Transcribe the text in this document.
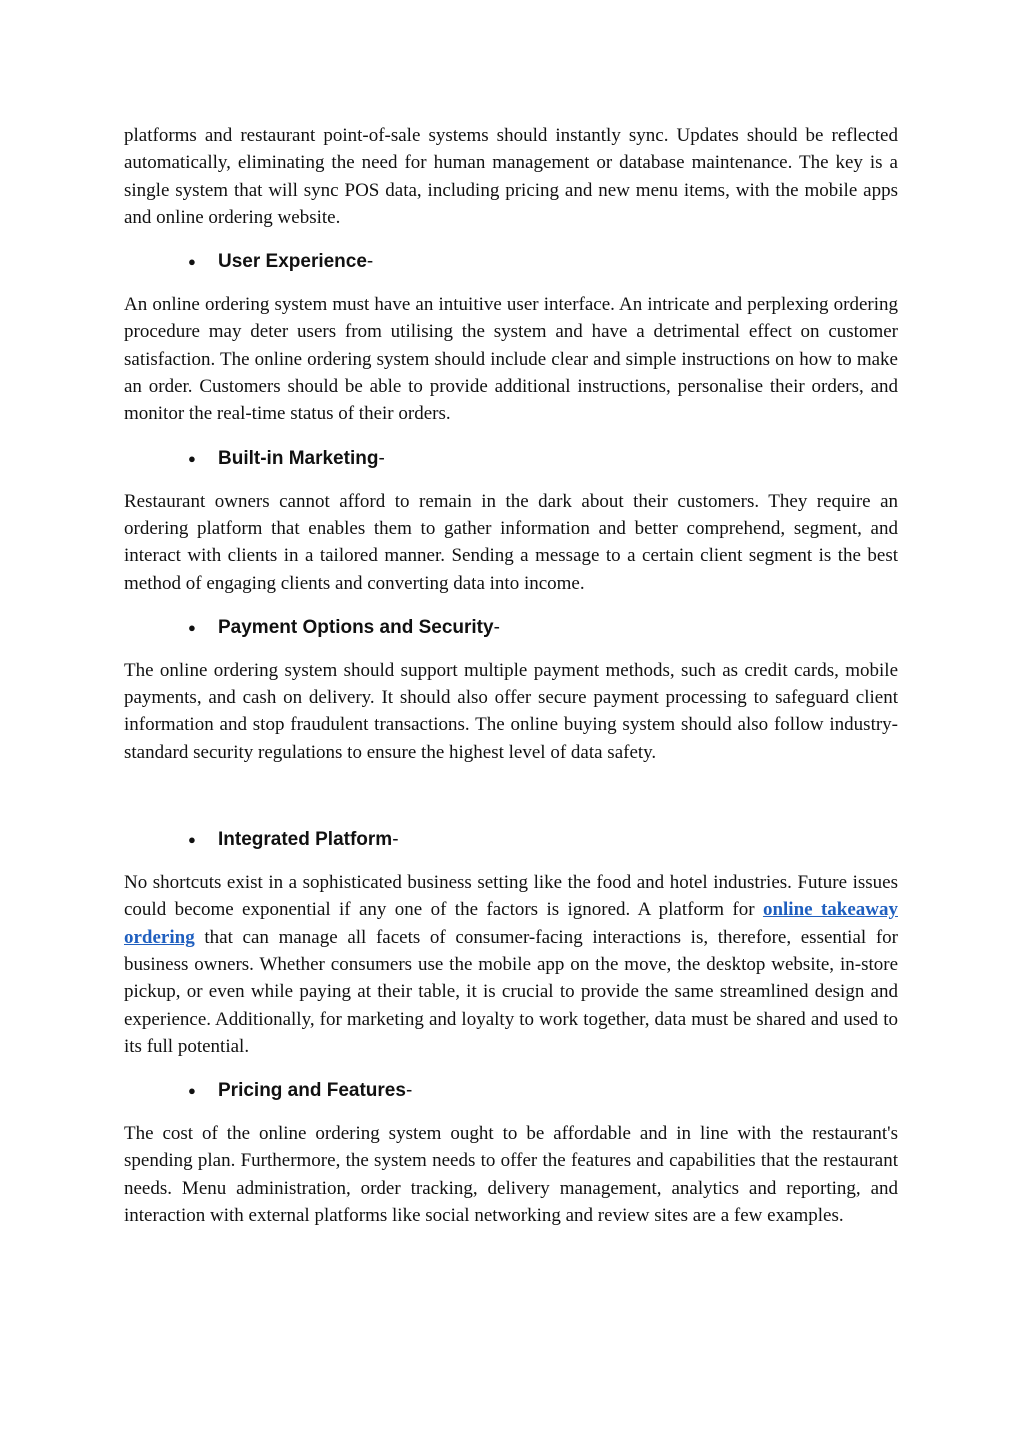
platforms and restaurant point-of-sale systems should instantly sync. Updates should be reflected automatically, eliminating the need for human management or database maintenance. The key is a single system that will sync POS data, including pricing and new menu items, with the mobile apps and online ordering website.

●	User Experience -

An online ordering system must have an intuitive user interface. An intricate and perplexing ordering procedure may deter users from utilising the system and have a detrimental effect on customer satisfaction. The online ordering system should include clear and simple instructions on how to make an order. Customers should be able to provide additional instructions, personalise their orders, and monitor the real-time status of their orders.

●	Built-in Marketing -

Restaurant owners cannot afford to remain in the dark about their customers. They require an ordering platform that enables them to gather information and better comprehend, segment, and interact with clients in a tailored manner. Sending a message to a certain client segment is the best method of engaging clients and converting data into income.

●	Payment Options and Security -

The online ordering system should support multiple payment methods, such as credit cards, mobile payments, and cash on delivery. It should also offer secure payment processing to safeguard client information and stop fraudulent transactions. The online buying system should also follow industry-standard security regulations to ensure the highest level of data safety.

●	Integrated Platform -

No shortcuts exist in a sophisticated business setting like the food and hotel industries. Future issues could become exponential if any one of the factors is ignored. A platform for online takeaway ordering that can manage all facets of consumer-facing interactions is, therefore, essential for business owners. Whether consumers use the mobile app on the move, the desktop website, in-store pickup, or even while paying at their table, it is crucial to provide the same streamlined design and experience. Additionally, for marketing and loyalty to work together, data must be shared and used to its full potential.

●	Pricing and Features -

The cost of the online ordering system ought to be affordable and in line with the restaurant's spending plan. Furthermore, the system needs to offer the features and capabilities that the restaurant needs. Menu administration, order tracking, delivery management, analytics and reporting, and interaction with external platforms like social networking and review sites are a few examples.
